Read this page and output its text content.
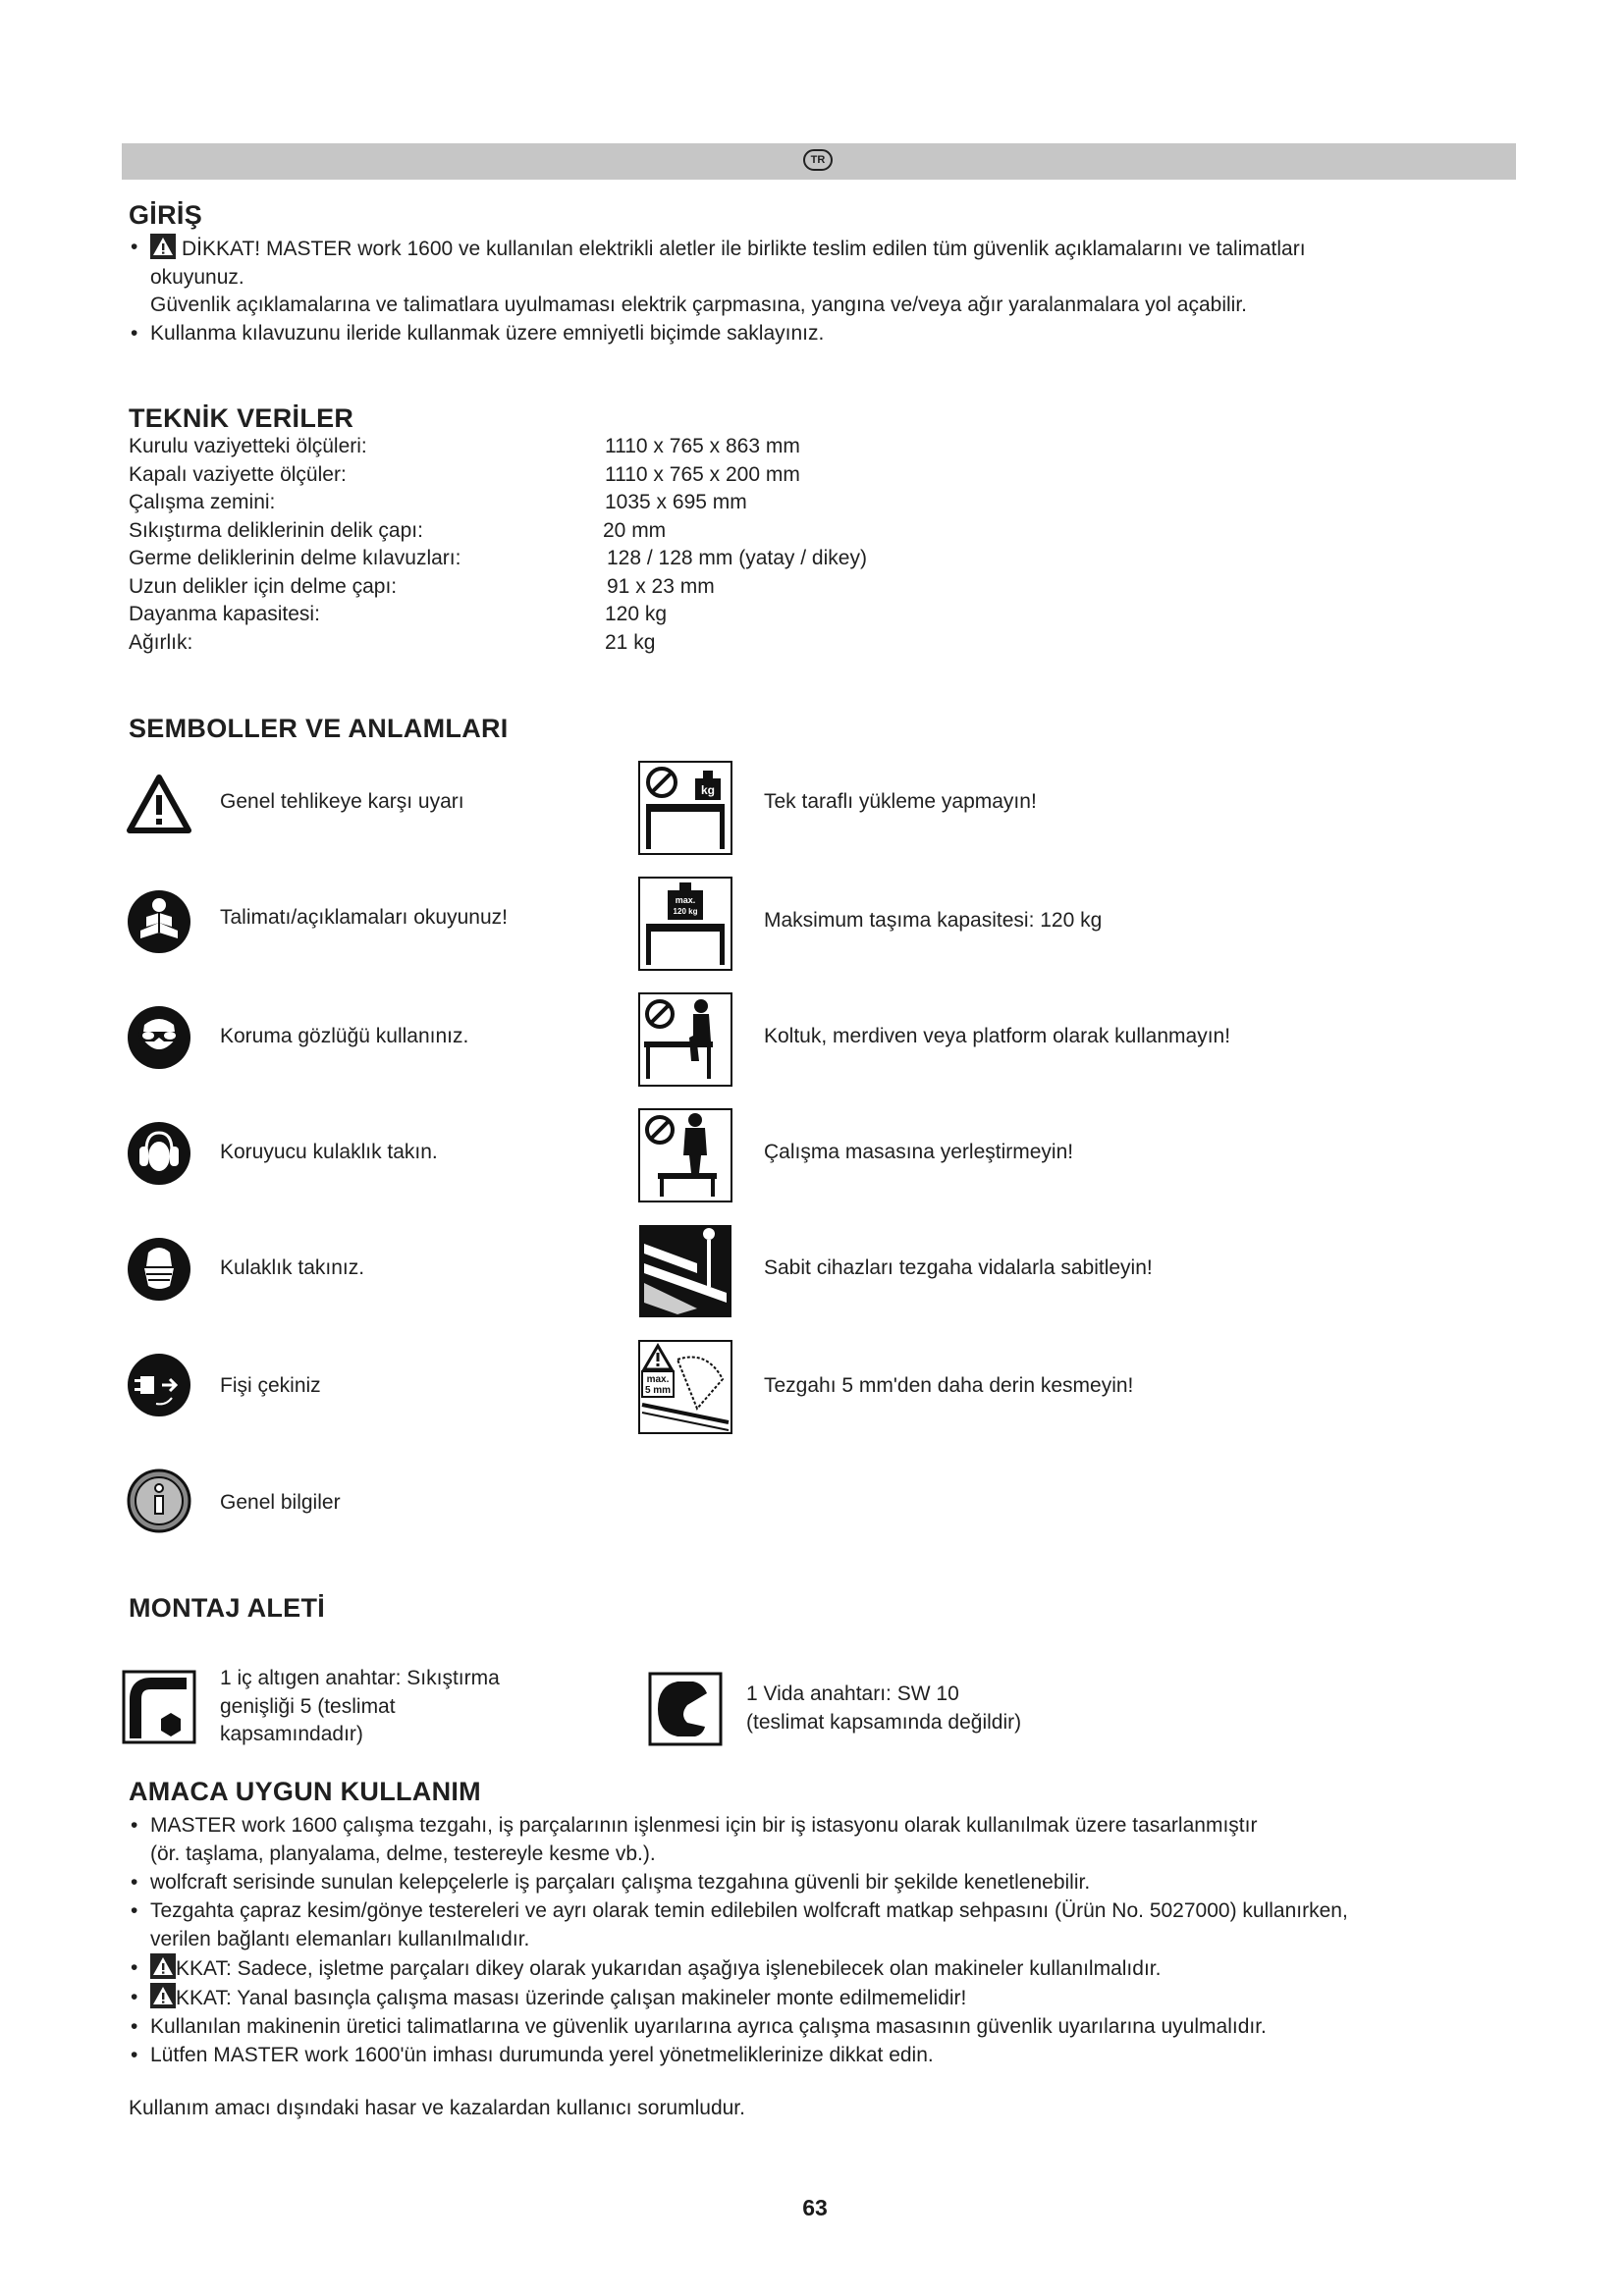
TR
GİRİŞ
• DİKKAT! MASTER work 1600 ve kullanılan elektrikli aletler ile birlikte teslim edilen tüm güvenlik açıklamalarını ve talimatları
okuyunuz.
Güvenlik açıklamalarına ve talimatlara uyulmaması elektrik çarpmasına, yangına ve/veya ağır yaralanmalara yol açabilir.
• Kullanma kılavuzunu ileride kullanmak üzere emniyetli biçimde saklayınız.
TEKNİK VERİLER
Kurulu vaziyetteki ölçüleri:	1110 x 765 x 863 mm
Kapalı vaziyette ölçüler:	1110 x 765 x 200 mm
Çalışma zemini:	1035 x 695 mm
Sıkıştırma deliklerinin delik çapı:	20 mm
Germe deliklerinin delme kılavuzları:	128 / 128 mm (yatay / dikey)
Uzun delikler için delme çapı:	91 x 23 mm
Dayanma kapasitesi:	120 kg
Ağırlık:	21 kg
SEMBOLLER VE ANLAMLARI
kg
max.
120 kg
max.
5 mm
Genel tehlikeye karşı uyarı
Talimatı/açıklamaları okuyunuz!
Koruma gözlüğü kullanınız.
Koruyucu kulaklık takın.
Kulaklık takınız.
Fişi çekiniz
Genel bilgiler
Tek taraflı yükleme yapmayın!
Maksimum taşıma kapasitesi: 120 kg
Koltuk, merdiven veya platform olarak kullanmayın!
Çalışma masasına yerleştirmeyin!
Sabit cihazları tezgaha vidalarla sabitleyin!
Tezgahı 5 mm'den daha derin kesmeyin!
MONTAJ ALETİ
1 iç altıgen anahtar: Sıkıştırma
genişliği 5 (teslimat
kapsamındadır)
1 Vida anahtarı: SW 10
(teslimat kapsamında değildir)
AMACA UYGUN KULLANIM
• MASTER work 1600 çalışma tezgahı, iş parçalarının işlenmesi için bir iş istasyonu olarak kullanılmak üzere tasarlanmıştır
(ör. taşlama, planyalama, delme, testereyle kesme vb.).
• wolfcraft serisinde sunulan kelepçelerle iş parçaları çalışma tezgahına güvenli bir şekilde kenetlenebilir.
• Tezgahta çapraz kesim/gönye testereleri ve ayrı olarak temin edilebilen wolfcraft matkap sehpasını (Ürün No. 5027000) kullanırken,
verilen bağlantı elemanları kullanılmalıdır.
• KKAT: Sadece, işletme parçaları dikey olarak yukarıdan aşağıya işlenebilecek olan makineler kullanılmalıdır.
• KKAT: Yanal basınçla çalışma masası üzerinde çalışan makineler monte edilmemelidir!
• Kullanılan makinenin üretici talimatlarına ve güvenlik uyarılarına ayrıca çalışma masasının güvenlik uyarılarına uyulmalıdır.
• Lütfen MASTER work 1600'ün imhası durumunda yerel yönetmeliklerinize dikkat edin.
Kullanım amacı dışındaki hasar ve kazalardan kullanıcı sorumludur.
63
